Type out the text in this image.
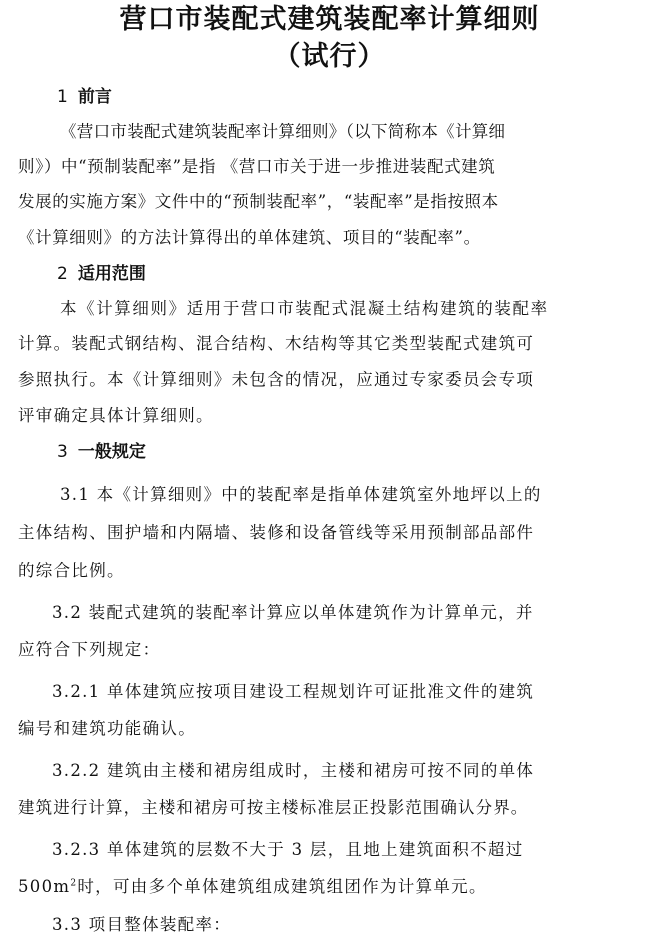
营口市装配式建筑装配率计算细则
（试行）
1 前言
《营口市装配式建筑装配率计算细则》（以下简称本《计算细
则》）中“预制装配率”是指 《营口市关于进一步推进装配式建筑
发展的实施方案》文件中的“预制装配率”，“装配率”是指按照本
《计算细则》的方法计算得出的单体建筑、项目的“装配率”。
2 适用范围
本《计算细则》适用于营口市装配式混凝土结构建筑的装配率
计算。装配式钢结构、混合结构、木结构等其它类型装配式建筑可
参照执行。本《计算细则》未包含的情况，应通过专家委员会专项
评审确定具体计算细则。
3 一般规定
3.1 本《计算细则》中的装配率是指单体建筑室外地坪以上的
主体结构、围护墙和内隔墙、装修和设备管线等采用预制部品部件
的综合比例。
3.2 装配式建筑的装配率计算应以单体建筑作为计算单元，并
应符合下列规定：
3.2.1 单体建筑应按项目建设工程规划许可证批准文件的建筑
编号和建筑功能确认。
3.2.2 建筑由主楼和裙房组成时，主楼和裙房可按不同的单体
建筑进行计算，主楼和裙房可按主楼标准层正投影范围确认分界。
3.2.3 单体建筑的层数不大于 3 层，且地上建筑面积不超过
$500m^2$时，可由多个单体建筑组成建筑组团作为计算单元。
3.3 项目整体装配率：
